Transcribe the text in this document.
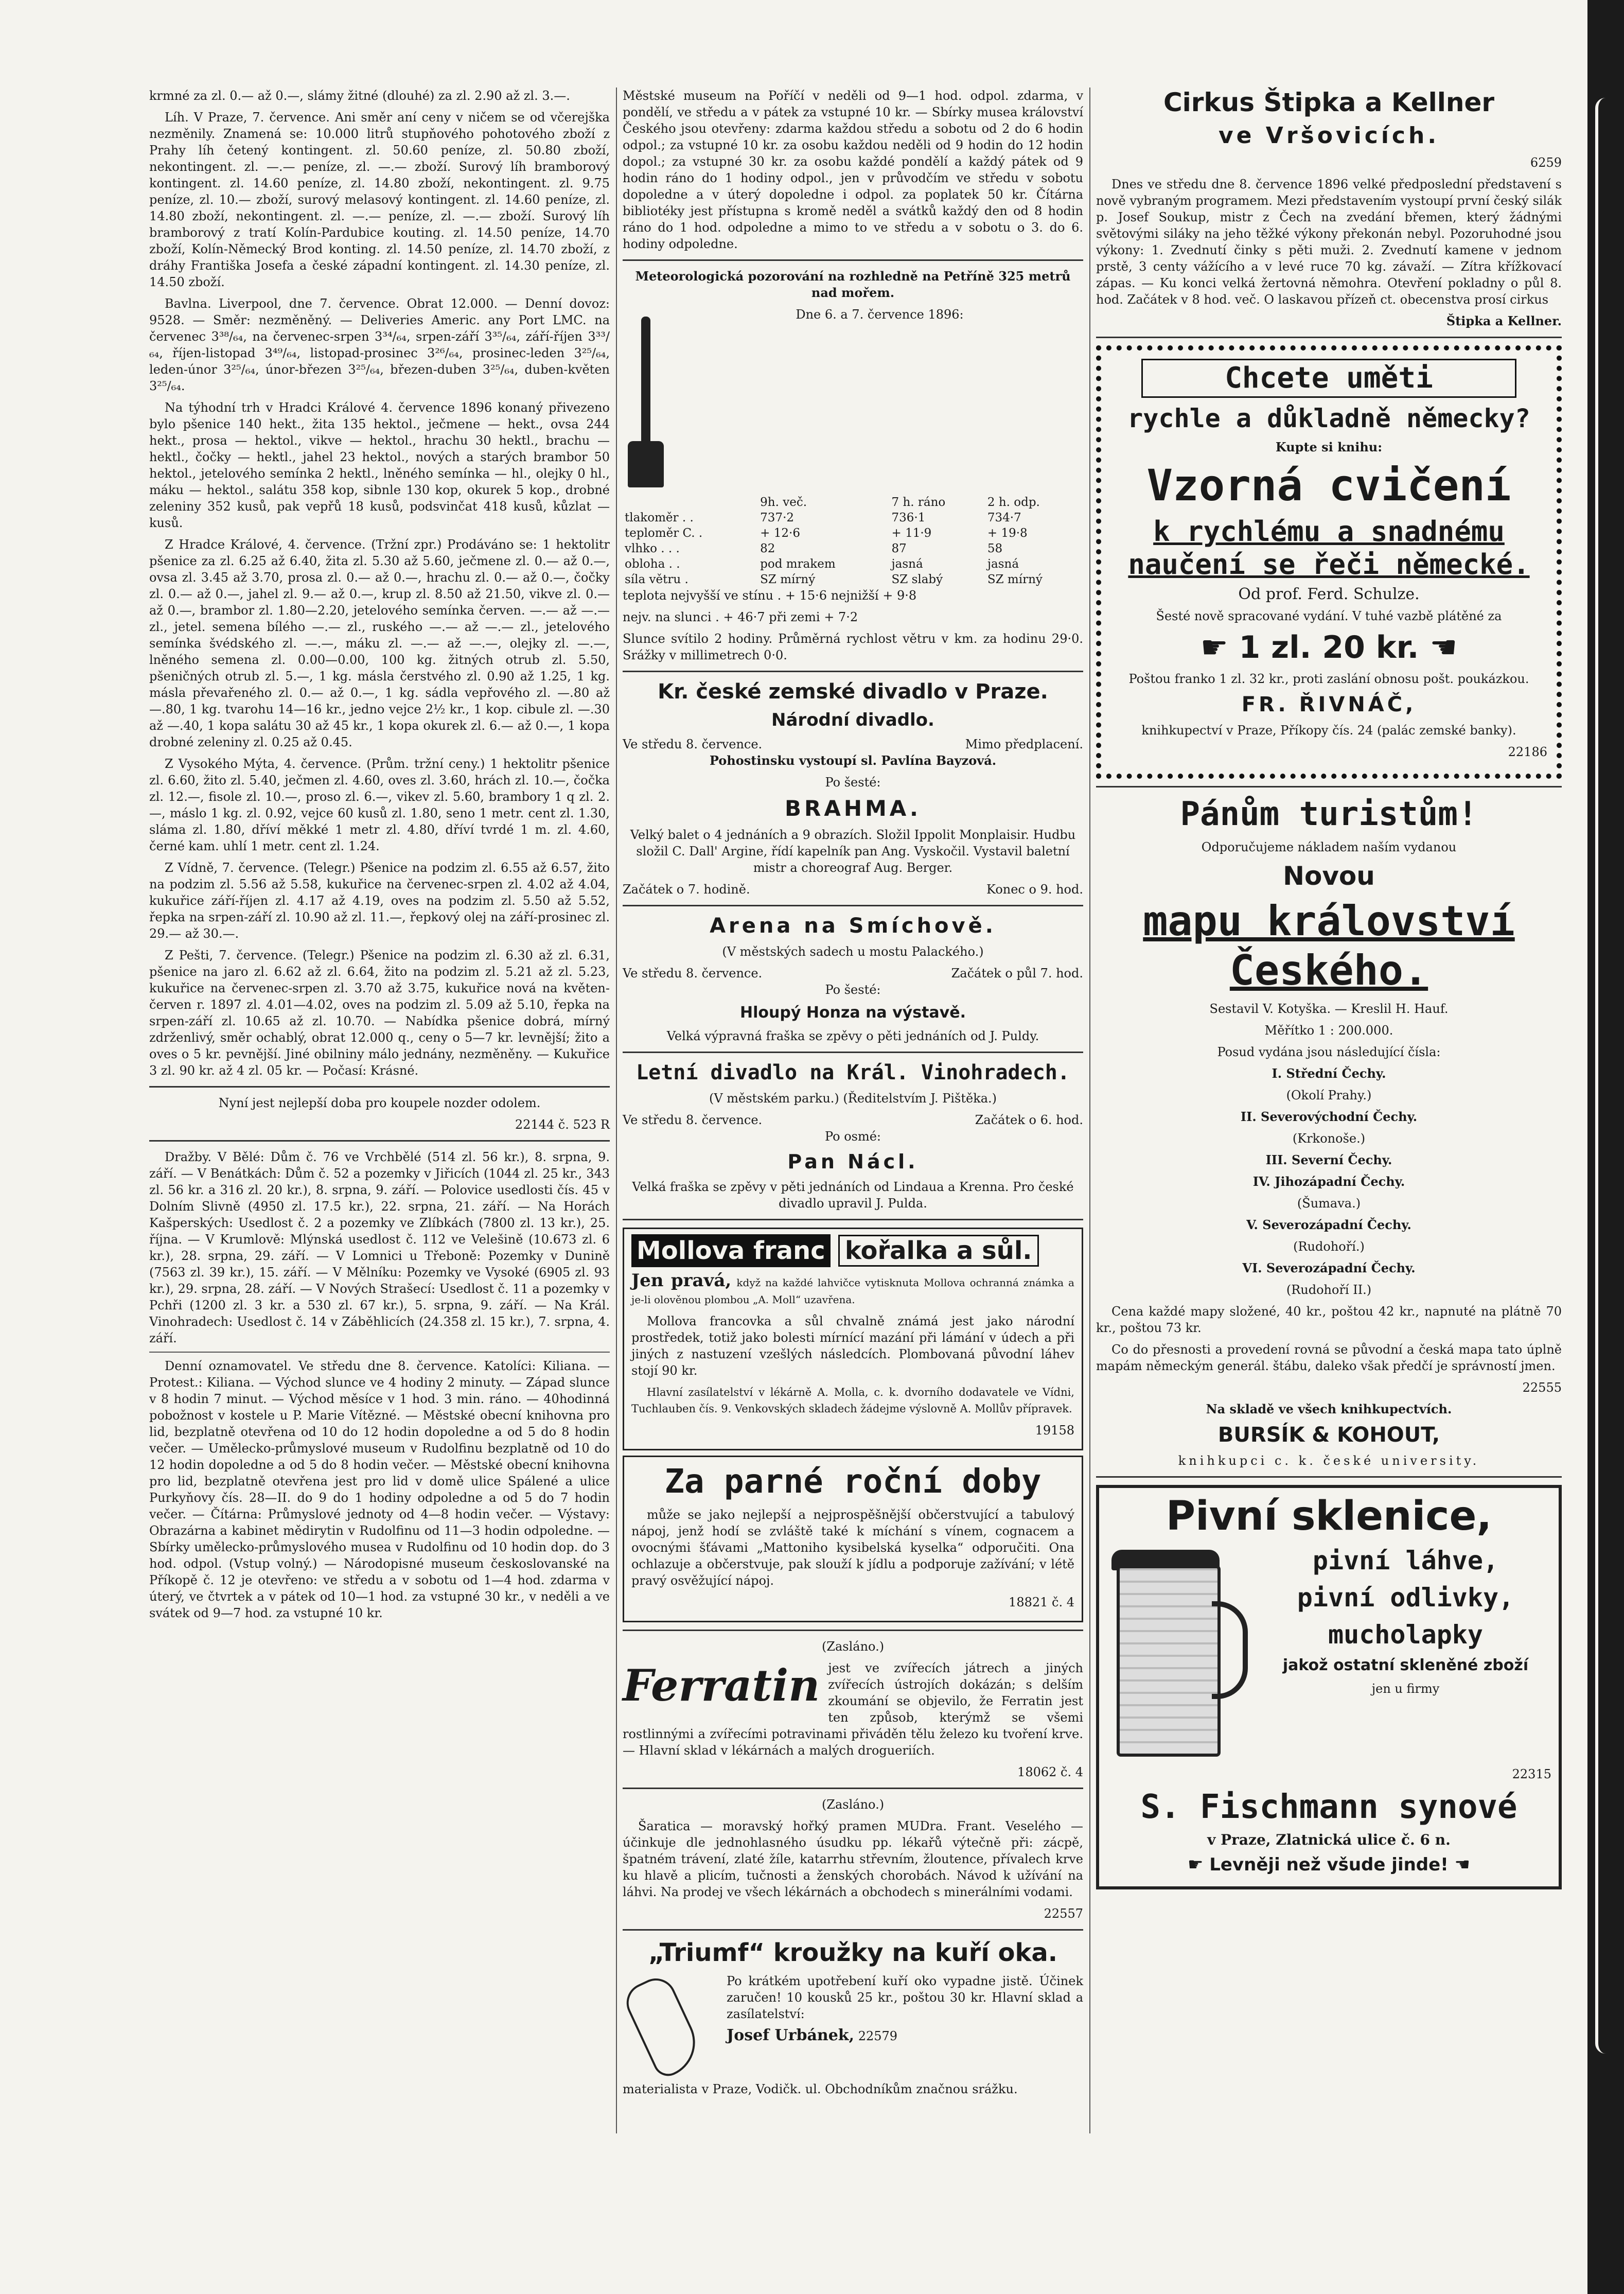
krmné za zl. 0.— až 0.—, slámy žitné (dlouhé) za zl. 2.90 až zl. 3.—.

Líh. V Praze, 7. července. Ani směr aní ceny v ničem se od včerejška nezměnily. Znamená se: 10.000 litrů stupňového pohotového zboží z Prahy líh četený kontingent. zl. 50.60 peníze, zl. 50.80 zboží, nekontingent. zl. —.— peníze, zl. —.— zboží. Surový líh bramborový kontingent. zl. 14.60 peníze, zl. 14.80 zboží, nekontingent. zl. 9.75 peníze, zl. 10.— zboží, surový melasový kontingent. zl. 14.60 peníze, zl. 14.80 zboží, nekontingent. zl. —.— peníze, zl. —.— zboží. Surový líh bramborový z tratí Kolín-Pardubice kouting. zl. 14.50 peníze, 14.70 zboží, Kolín-Německý Brod konting. zl. 14.50 peníze, zl. 14.70 zboží, z dráhy Františka Josefa a české západní kontingent. zl. 14.30 peníze, zl. 14.50 zboží.

Bavlna. Liverpool, dne 7. července. Obrat 12.000. — Denní dovoz: 9528. — Směr: nezměněný. — Deliveries Americ. any Port LMC. na červenec 3³⁸/₆₄, na červenec-srpen 3³⁴/₆₄, srpen-září 3³⁵/₆₄, září-říjen 3³³/₆₄, říjen-listopad 3⁴⁹/₆₄, listopad-prosinec 3²⁶/₆₄, prosinec-leden 3²⁵/₆₄, leden-únor 3²⁵/₆₄, únor-březen 3²⁵/₆₄, březen-duben 3²⁵/₆₄, duben-květen 3²⁵/₆₄.

Na týhodní trh v Hradci Králové 4. července 1896 konaný přivezeno bylo pšenice 140 hekt., žita 135 hektol., ječmene — hekt., ovsa 244 hekt., prosa — hektol., vikve — hektol., hrachu 30 hektl., brachu — hektl., čočky — hektl., jahel 23 hektol., nových a starých brambor 50 hektol., jetelového semínka 2 hektl., lněného semínka — hl., olejky 0 hl., máku — hektol., salátu 358 kop, sibnle 130 kop, okurek 5 kop., drobné zeleniny 352 kusů, pak vepřů 18 kusů, podsvinčat 418 kusů, kůzlat — kusů.

Z Hradce Králové, 4. července. (Tržní zpr.) Prodáváno se: 1 hektolitr pšenice za zl. 6.25 až 6.40, žita zl. 5.30 až 5.60, ječmene zl. 0.— až 0.—, ovsa zl. 3.45 až 3.70, prosa zl. 0.— až 0.—, hrachu zl. 0.— až 0.—, čočky zl. 0.— až 0.—, jahel zl. 9.— až 0.—, krup zl. 8.50 až 21.50, vikve zl. 0.— až 0.—, brambor zl. 1.80—2.20, jetelového semínka červen. —.— až —.— zl., jetel. semena bílého —.— zl., ruského —.— až —.— zl., jetelového semínka švédského zl. —.—, máku zl. —.— až —.—, olejky zl. —.—, lněného semena zl. 0.00—0.00, 100 kg. žitných otrub zl. 5.50, pšeničných otrub zl. 5.—, 1 kg. másla čerstvého zl. 0.90 až 1.25, 1 kg. másla převařeného zl. 0.— až 0.—, 1 kg. sádla vepřového zl. —.80 až —.80, 1 kg. tvarohu 14—16 kr., jedno vejce 2½ kr., 1 kop. cibule zl. —.30 až —.40, 1 kopa salátu 30 až 45 kr., 1 kopa okurek zl. 6.— až 0.—, 1 kopa drobné zeleniny zl. 0.25 až 0.45.

Z Vysokého Mýta, 4. července. (Prům. tržní ceny.) 1 hektolitr pšenice zl. 6.60, žito zl. 5.40, ječmen zl. 4.60, oves zl. 3.60, hrách zl. 10.—, čočka zl. 12.—, fisole zl. 10.—, proso zl. 6.—, vikev zl. 5.60, brambory 1 q zl. 2.—, máslo 1 kg. zl. 0.92, vejce 60 kusů zl. 1.80, seno 1 metr. cent zl. 1.30, sláma zl. 1.80, dříví měkké 1 metr zl. 4.80, dříví tvrdé 1 m. zl. 4.60, černé kam. uhlí 1 metr. cent zl. 1.24.

Z Vídně, 7. července. (Telegr.) Pšenice na podzim zl. 6.55 až 6.57, žito na podzim zl. 5.56 až 5.58, kukuřice na červenec-srpen zl. 4.02 až 4.04, kukuřice září-říjen zl. 4.17 až 4.19, oves na podzim zl. 5.50 až 5.52, řepka na srpen-září zl. 10.90 až zl. 11.—, řepkový olej na září-prosinec zl. 29.— až 30.—.

Z Pešti, 7. července. (Telegr.) Pšenice na podzim zl. 6.30 až zl. 6.31, pšenice na jaro zl. 6.62 až zl. 6.64, žito na podzim zl. 5.21 až zl. 5.23, kukuřice na červenec-srpen zl. 3.70 až 3.75, kukuřice nová na květen-červen r. 1897 zl. 4.01—4.02, oves na podzim zl. 5.09 až 5.10, řepka na srpen-září zl. 10.65 až zl. 10.70. — Nabídka pšenice dobrá, mírný zdrženlivý, směr ochablý, obrat 12.000 q., ceny o 5—7 kr. levnější; žito a oves o 5 kr. pevnější. Jiné obilniny málo jednány, nezměněny. — Kukuřice 3 zl. 90 kr. až 4 zl. 05 kr. — Počasí: Krásné.

Nyní jest nejlepší doba pro koupele nozder odolem.

22144 č. 523 R

Dražby. V Bělé: Dům č. 76 ve Vrchbělé (514 zl. 56 kr.), 8. srpna, 9. září. — V Benátkách: Dům č. 52 a pozemky v Jiřicích (1044 zl. 25 kr., 343 zl. 56 kr. a 316 zl. 20 kr.), 8. srpna, 9. září. — Polovice usedlosti čís. 45 v Dolním Slivně (4950 zl. 17.5 kr.), 22. srpna, 21. září. — Na Horách Kašperských: Usedlost č. 2 a pozemky ve Zlíbkách (7800 zl. 13 kr.), 25. října. — V Krumlově: Mlýnská usedlost č. 112 ve Velešině (10.673 zl. 6 kr.), 28. srpna, 29. září. — V Lomnici u Třeboně: Pozemky v Dunině (7563 zl. 39 kr.), 15. září. — V Mělníku: Pozemky ve Vysoké (6905 zl. 93 kr.), 29. srpna, 28. září. — V Nových Strašecí: Usedlost č. 11 a pozemky v Pchři (1200 zl. 3 kr. a 530 zl. 67 kr.), 5. srpna, 9. září. — Na Král. Vinohradech: Usedlost č. 14 v Záběhlicích (24.358 zl. 15 kr.), 7. srpna, 4. září.

Denní oznamovatel. Ve středu dne 8. července. Katolíci: Kiliana. — Protest.: Kiliana. — Východ slunce ve 4 hodiny 2 minuty. — Západ slunce v 8 hodin 7 minut. — Východ měsíce v 1 hod. 3 min. ráno. — 40hodinná pobožnost v kostele u P. Marie Vítězné. — Městské obecní knihovna pro lid, bezplatně otevřena od 10 do 12 hodin dopoledne a od 5 do 8 hodin večer. — Umělecko-průmyslové museum v Rudolfinu bezplatně od 10 do 12 hodin dopoledne a od 5 do 8 hodin večer. — Městské obecní knihovna pro lid, bezplatně otevřena jest pro lid v domě ulice Spálené a ulice Purkyňovy čís. 28—II. do 9 do 1 hodiny odpoledne a od 5 do 7 hodin večer. — Čítárna: Průmyslové jednoty od 4—8 hodin večer. — Výstavy: Obrazárna a kabinet mědirytin v Rudolfinu od 11—3 hodin odpoledne. — Sbírky umělecko-průmyslového musea v Rudolfinu od 10 hodin dop. do 3 hod. odpol. (Vstup volný.) — Národopisné museum českoslovanské na Příkopě č. 12 je otevřeno: ve středu a v sobotu od 1—4 hod. zdarma v úterý, ve čtvrtek a v pátek od 10—1 hod. za vstupné 30 kr., v neděli a ve svátek od 9—7 hod. za vstupné 10 kr.

Městské museum na Poříčí v neděli od 9—1 hod. odpol. zdarma, v pondělí, ve středu a v pátek za vstupné 10 kr. — Sbírky musea království Českého jsou otevřeny: zdarma každou středu a sobotu od 2 do 6 hodin odpol.; za vstupné 10 kr. za osobu každou neděli od 9 hodin do 12 hodin dopol.; za vstupné 30 kr. za osobu každé pondělí a každý pátek od 9 hodin ráno do 1 hodiny odpol., jen v průvodčím ve středu v sobotu dopoledne a v úterý dopoledne i odpol. za poplatek 50 kr. Čítárna bibliotéky jest přístupna s kromě neděl a svátků každý den od 8 hodin ráno do 1 hod. odpoledne a mimo to ve středu a v sobotu o 3. do 6. hodiny odpoledne.

Meteorologická pozorování na rozhledně na Petříně 325 metrů nad mořem.

Dne 6. a 7. července 1896:

	9h. več.	7 h. ráno	2 h. odp.
tlakoměr . .	737·2	736·1	734·7
teploměr C. .	+ 12·6	+ 11·9	+ 19·8
vlhko . . .	82	87	58
obloha . .	pod mrakem	jasná	jasná
síla větru .	SZ mírný	SZ slabý	SZ mírný

teplota nejvyšší ve stínu . + 15·6 nejnižší + 9·8

nejv. na slunci . + 46·7 při zemi + 7·2

Slunce svítilo 2 hodiny. Průměrná rychlost větru v km. za hodinu 29·0. Srážky v millimetrech 0·0.

Kr. české zemské divadlo v Praze.

Národní divadlo.

Ve středu 8. července.	Mimo předplacení.

Pohostinsku vystoupí sl. Pavlína Bayzová.

Po šesté:

BRAHMA.

Velký balet o 4 jednáních a 9 obrazích. Složil Ippolit Monplaisir. Hudbu složil C. Dall' Argine, řídí kapelník pan Ang. Vyskočil. Vystavil baletní mistr a choreograf Aug. Berger.

Začátek o 7. hodině.	Konec o 9. hod.

Arena na Smíchově.

(V městských sadech u mostu Palackého.)

Ve středu 8. července.	Začátek o půl 7. hod.

Po šesté:

Hloupý Honza na výstavě.

Velká výpravná fraška se zpěvy o pěti jednáních od J. Puldy.

Letní divadlo na Král. Vinohradech.

(V městském parku.) (Ředitelstvím J. Pištěka.)

Ve středu 8. července.	Začátek o 6. hod.

Po osmé:

Pan Nácl.

Velká fraška se zpěvy v pěti jednáních od Lindaua a Krenna. Pro české divadlo upravil J. Pulda.

Mollova franc kořalka a sůl.

Jen pravá, když na každé lahvičce vytisknuta Mollova ochranná známka a je-li olověnou plombou „A. Moll“ uzavřena.

Mollova francovka a sůl chvalně známá jest jako národní prostředek, totiž jako bolesti mírnící mazání při lámání v údech a při jiných z nastuzení vzešlých následcích. Plombovaná původní láhev stojí 90 kr.

Hlavní zasílatelství v lékárně A. Molla, c. k. dvorního dodavatele ve Vídni, Tuchlauben čís. 9. Venkovských skladech žádejme výslovně A. Mollův přípravek.

19158

Za parné roční doby

může se jako nejlepší a nejprospěšnější občerstvující a tabulový nápoj, jenž hodí se zvláště také k míchání s vínem, cognacem a ovocnými šťávami „Mattoniho kysibelská kyselka“ odporučiti. Ona ochlazuje a občerstvuje, pak slouží k jídlu a podporuje zažívání; v létě pravý osvěžující nápoj.

18821 č. 4

(Zasláno.)

Ferratin jest ve zvířecích játrech a jiných zvířecích ústrojích dokázán; s delším zkoumání se objevilo, že Ferratin jest ten způsob, kterýmž se všemi rostlinnými a zvířecími potravinami přiváděn tělu železo ku tvoření krve. — Hlavní sklad v lékárnách a malých drogueriích.

18062 č. 4

(Zasláno.)

Šaratica — moravský hořký pramen MUDra. Frant. Veselého — účinkuje dle jednohlasného úsudku pp. lékařů výtečně při: zácpě, špatném trávení, zlaté žíle, katarrhu střevním, žloutence, přívalech krve ku hlavě a plicím, tučnosti a ženských chorobách. Návod k užívání na láhvi. Na prodej ve všech lékárnách a obchodech s minerálními vodami.

22557

„Triumf“ kroužky na kuří oka.

Po krátkém upotřebení kuří oko vypadne jistě. Účinek zaručen! 10 kousků 25 kr., poštou 30 kr. Hlavní sklad a zasílatelství:

Josef Urbánek, 22579

materialista v Praze, Vodičk. ul. Obchodníkům značnou srážku.

Cirkus Štipka a Kellner

ve Vršovicích.

6259

Dnes ve středu dne 8. července 1896 velké předposlední představení s nově vybraným programem. Mezi představením vystoupí první český silák p. Josef Soukup, mistr z Čech na zvedání břemen, který žádnými světovými siláky na jeho těžké výkony překonán nebyl. Pozoruhodné jsou výkony: 1. Zvednutí činky s pěti muži. 2. Zvednutí kamene v jednom prstě, 3 centy vážícího a v levé ruce 70 kg. závaží. — Zítra křížkovací zápas. — Ku konci velká žertovná němohra. Otevření pokladny o půl 8. hod. Začátek v 8 hod. več. O laskavou přízeň ct. obecenstva prosí cirkus

Štipka a Kellner.

Chcete uměti

rychle a důkladně německy?

Kupte si knihu:

Vzorná cvičení

k rychlému a snadnému naučení se řeči německé.

Od prof. Ferd. Schulze.

Šesté nově spracované vydání. V tuhé vazbě plátěné za

☛ 1 zl. 20 kr. ☚

Poštou franko 1 zl. 32 kr., proti zaslání obnosu pošt. poukázkou.

FR. ŘIVNÁČ,

knihkupectví v Praze, Příkopy čís. 24 (palác zemské banky).

22186

Pánům turistům!

Odporučujeme nákladem naším vydanou

Novou

mapu království Českého.

Sestavil V. Kotyška. — Kreslil H. Hauf.

Měřítko 1 : 200.000.

Posud vydána jsou následující čísla:

I. Střední Čechy.

(Okolí Prahy.)

II. Severovýchodní Čechy.

(Krkonoše.)

III. Severní Čechy.

IV. Jihozápadní Čechy.

(Šumava.)

V. Severozápadní Čechy.

(Rudohoří.)

VI. Severozápadní Čechy.

(Rudohoří II.)

Cena každé mapy složené, 40 kr., poštou 42 kr., napnuté na plátně 70 kr., poštou 73 kr.

Co do přesnosti a provedení rovná se původní a česká mapa tato úplně mapám německým generál. štábu, daleko však předčí je správností jmen.

22555

Na skladě ve všech knihkupectvích.

BURSÍK & KOHOUT,

knihkupci c. k. české university.

Pivní sklenice,

pivní láhve,

pivní odlivky,

mucholapky

jakož ostatní skleněné zboží

jen u firmy

22315

S. Fischmann synové

v Praze, Zlatnická ulice č. 6 n.

☛ Levněji než všude jinde! ☚
